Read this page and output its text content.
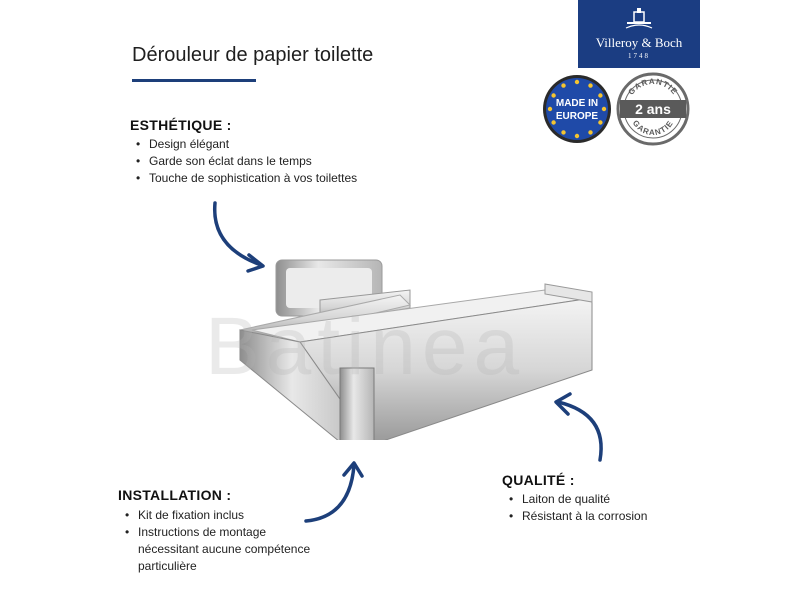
Dérouleur de papier toilette
Villeroy & Boch
1748
MADE IN
EUROPE
GARANTIE
GARANTIE
2 ans
ESTHÉTIQUE :
• Design élégant
• Garde son éclat dans le temps
• Touche de sophistication à vos toilettes
Batinea
INSTALLATION :
• Kit de fixation inclus
• Instructions de montage
nécessitant aucune compétence
particulière
QUALITÉ :
• Laiton de qualité
• Résistant à la corrosion
